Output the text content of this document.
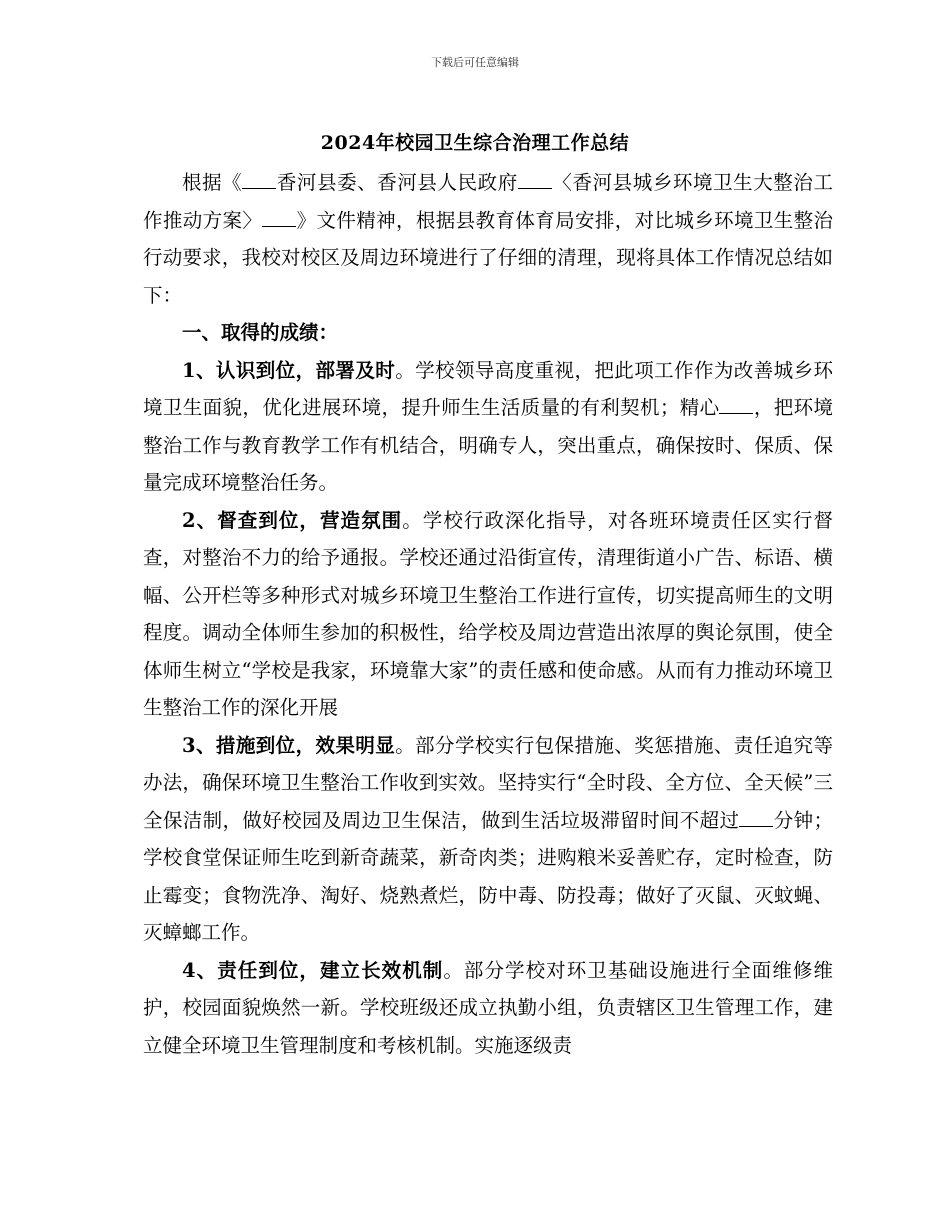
下载后可任意编辑
2024年校园卫生综合治理工作总结

根据《 香河县委、香河县人民政府 〈香河县城乡环境卫生大整治工作推动方案〉 》文件精神，根据县教育体育局安排，对比城乡环境卫生整治行动要求，我校对校区及周边环境进行了仔细的清理，现将具体工作情况总结如下：

一、取得的成绩：

1、认识到位，部署及时。学校领导高度重视，把此项工作作为改善城乡环境卫生面貌，优化进展环境，提升师生生活质量的有利契机；精心 ，把环境整治工作与教育教学工作有机结合，明确专人，突出重点，确保按时、保质、保量完成环境整治任务。

2、督查到位，营造氛围。学校行政深化指导，对各班环境责任区实行督查，对整治不力的给予通报。学校还通过沿街宣传，清理街道小广告、标语、横幅、公开栏等多种形式对城乡环境卫生整治工作进行宣传，切实提高师生的文明程度。调动全体师生参加的积极性，给学校及周边营造出浓厚的舆论氛围，使全体师生树立“学校是我家，环境靠大家”的责任感和使命感。从而有力推动环境卫生整治工作的深化开展

3、措施到位，效果明显。部分学校实行包保措施、奖惩措施、责任追究等办法，确保环境卫生整治工作收到实效。坚持实行“全时段、全方位、全天候”三全保洁制，做好校园及周边卫生保洁，做到生活垃圾滞留时间不超过 分钟；学校食堂保证师生吃到新奇蔬菜，新奇肉类；进购粮米妥善贮存，定时检查，防止霉变；食物洗净、淘好、烧熟煮烂，防中毒、防投毒；做好了灭鼠、灭蚊蝇、灭蟑螂工作。

4、责任到位，建立长效机制。部分学校对环卫基础设施进行全面维修维护，校园面貌焕然一新。学校班级还成立执勤小组，负责辖区卫生管理工作，建立健全环境卫生管理制度和考核机制。实施逐级责
